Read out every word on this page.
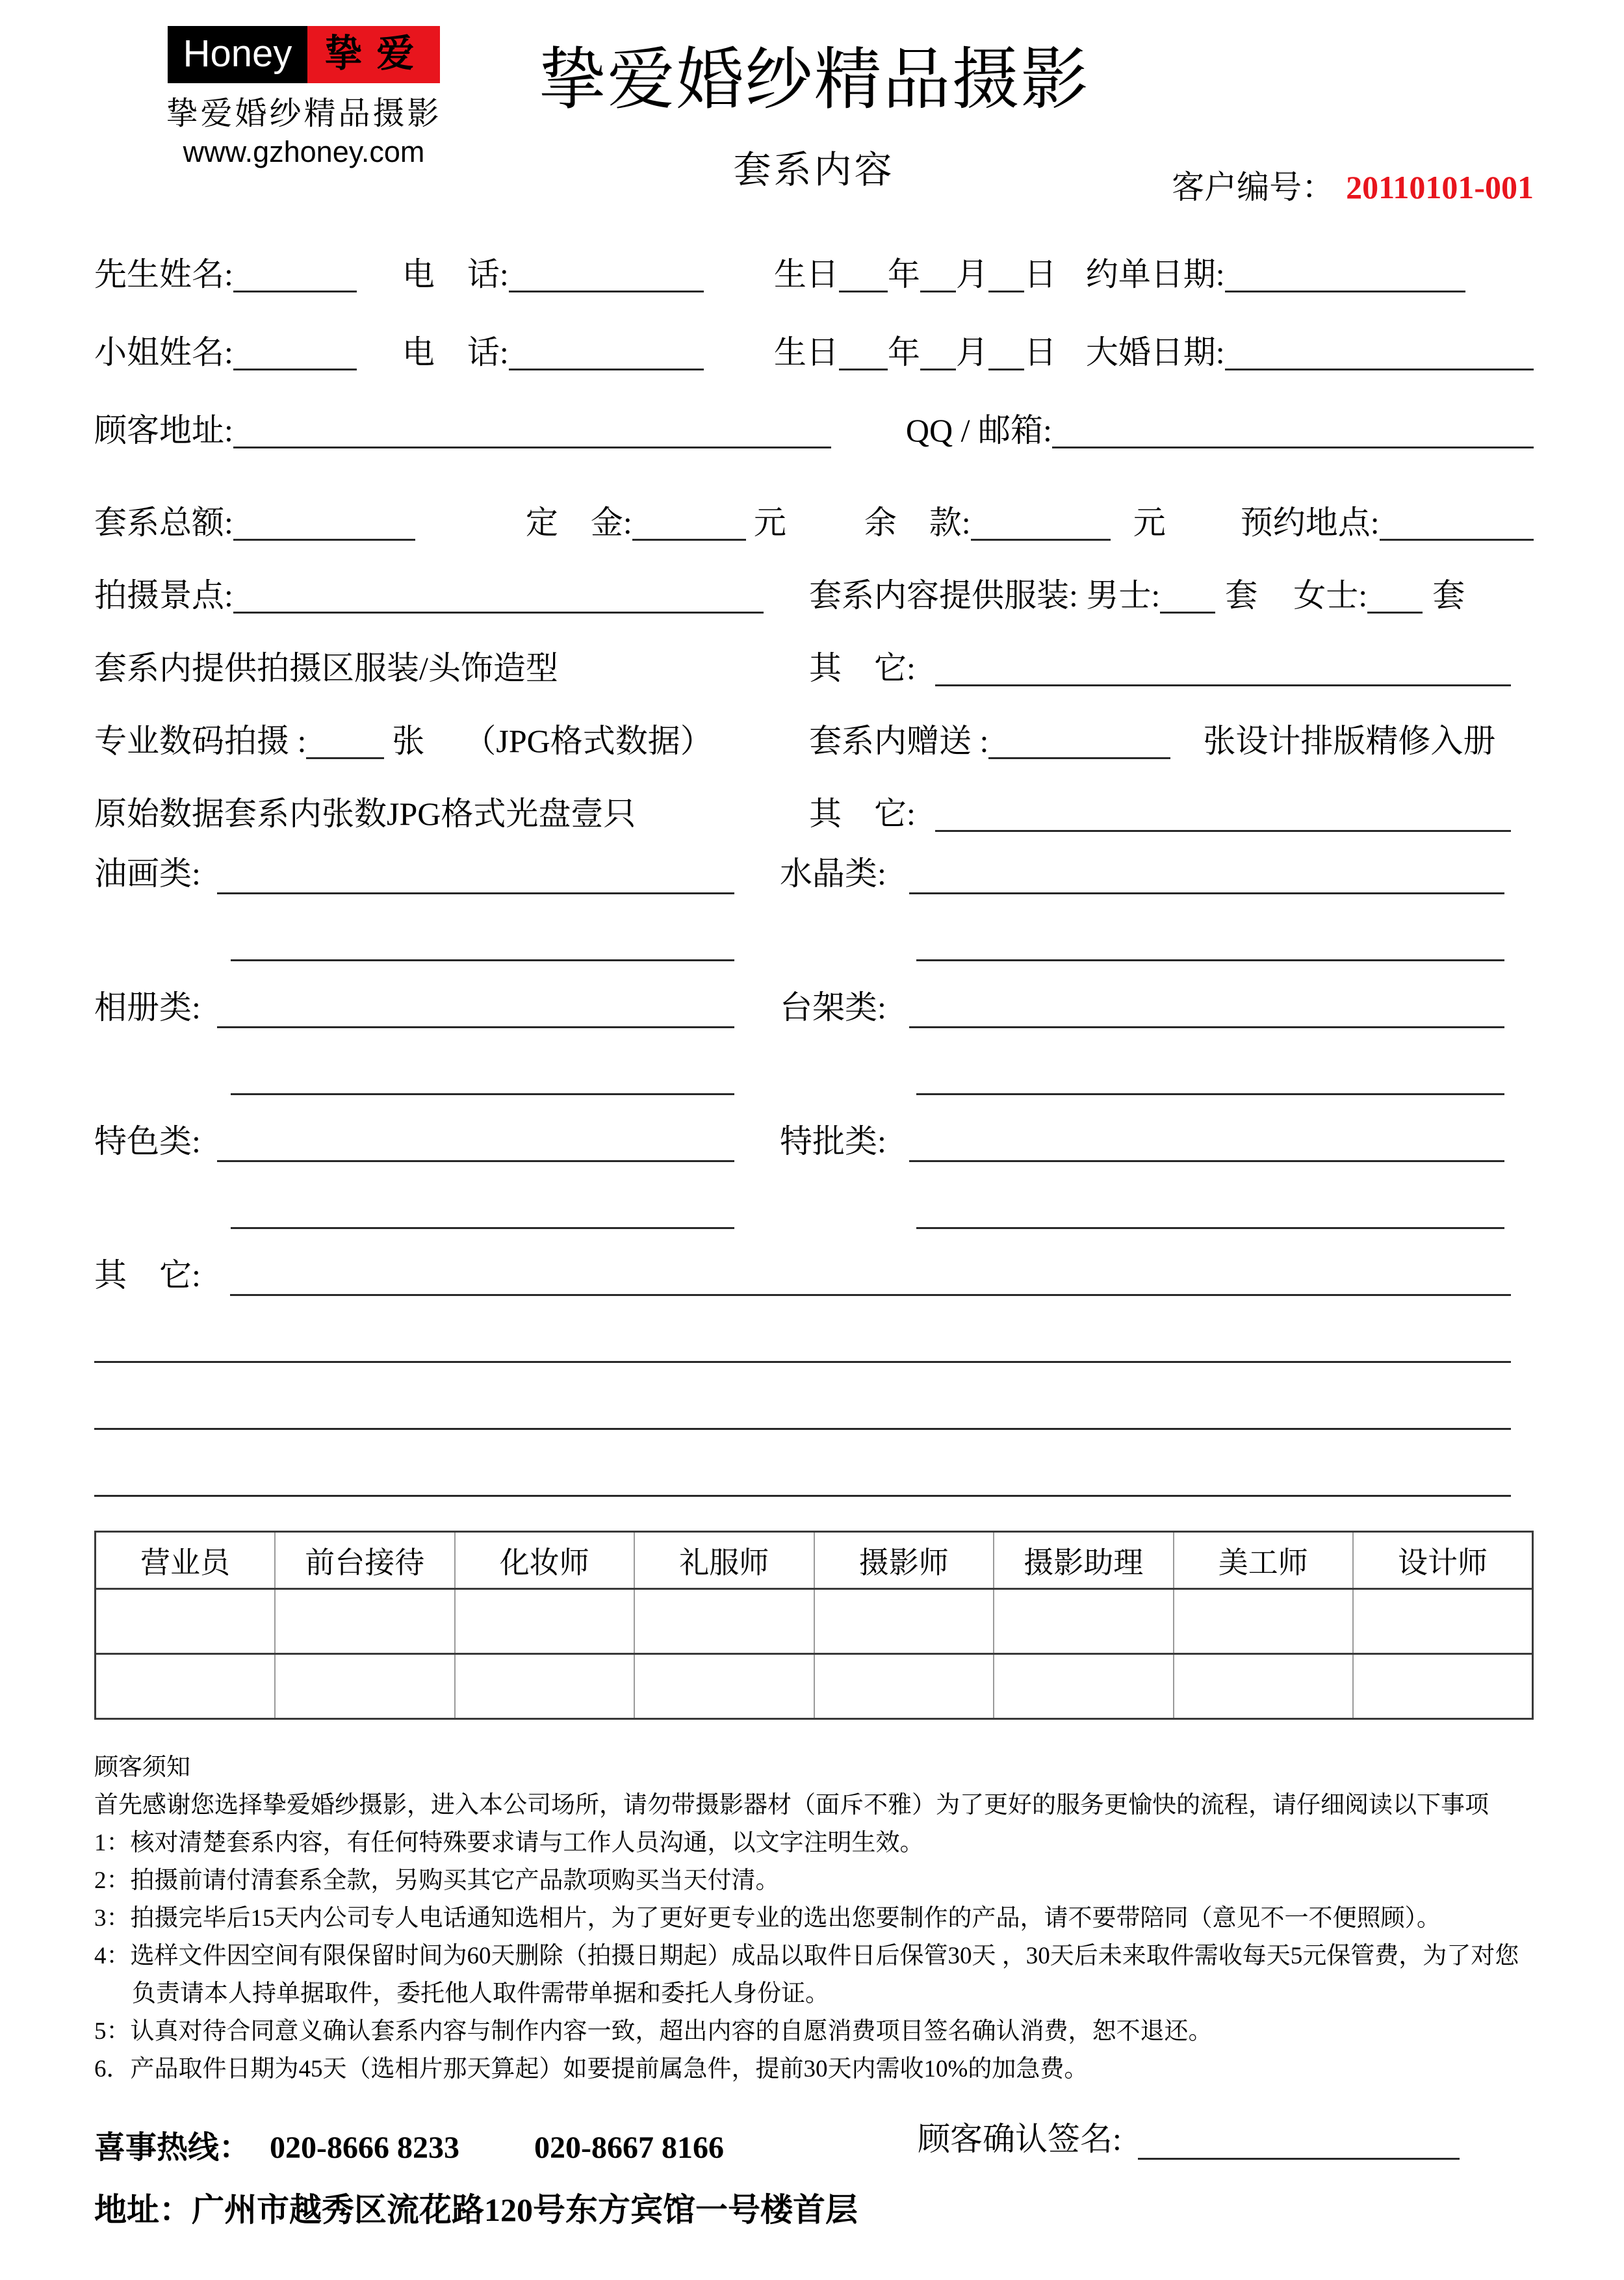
Honey 挚爱
挚爱婚纱精品摄影
www.gzhoney.com
挚爱婚纱精品摄影
套系内容	客户编号： 20110101-001
先生姓名:	电　话:	生日 年 月 日 约单日期:
小姐姓名:	电　话:	生日 年 月 日 大婚日期:
顾客地址:	QQ / 邮箱:
套系总额:	定　金:	元 余　款:	元 预约地点:
拍摄景点:	套系内容提供服装: 男士: 套 女士: 套
套系内提供拍摄区服装/头饰造型	其　它:
专业数码拍摄 :	张 （JPG格式数据）	套系内赠送 :	张设计排版精修入册
原始数据套系内张数JPG格式光盘壹只	其　它:
油画类:	水晶类:
相册类:	台架类:
特色类:	特批类:
其　它:
营业员	前台接待	化妆师	礼服师	摄影师	摄影助理	美工师	设计师

顾客须知
首先感谢您选择挚爱婚纱摄影，进入本公司场所，请勿带摄影器材（面斥不雅）为了更好的服务更愉快的流程，请仔细阅读以下事项
1：核对清楚套系内容，有任何特殊要求请与工作人员沟通，以文字注明生效。
2：拍摄前请付清套系全款，另购买其它产品款项购买当天付清。
3：拍摄完毕后15天内公司专人电话通知选相片，为了更好更专业的选出您要制作的产品，请不要带陪同（意见不一不便照顾）。
4：选样文件因空间有限保留时间为60天删除（拍摄日期起）成品以取件日后保管30天 ，30天后未来取件需收每天5元保管费，为了对您负责请本人持单据取件，委托他人取件需带单据和委托人身份证。
5：认真对待合同意义确认套系内容与制作内容一致，超出内容的自愿消费项目签名确认消费，恕不退还。
6．产品取件日期为45天（选相片那天算起）如要提前属急件，提前30天内需收10%的加急费。
顾客确认签名:
喜事热线： 020-8666 8233 020-8667 8166
地址：广州市越秀区流花路120号东方宾馆一号楼首层
